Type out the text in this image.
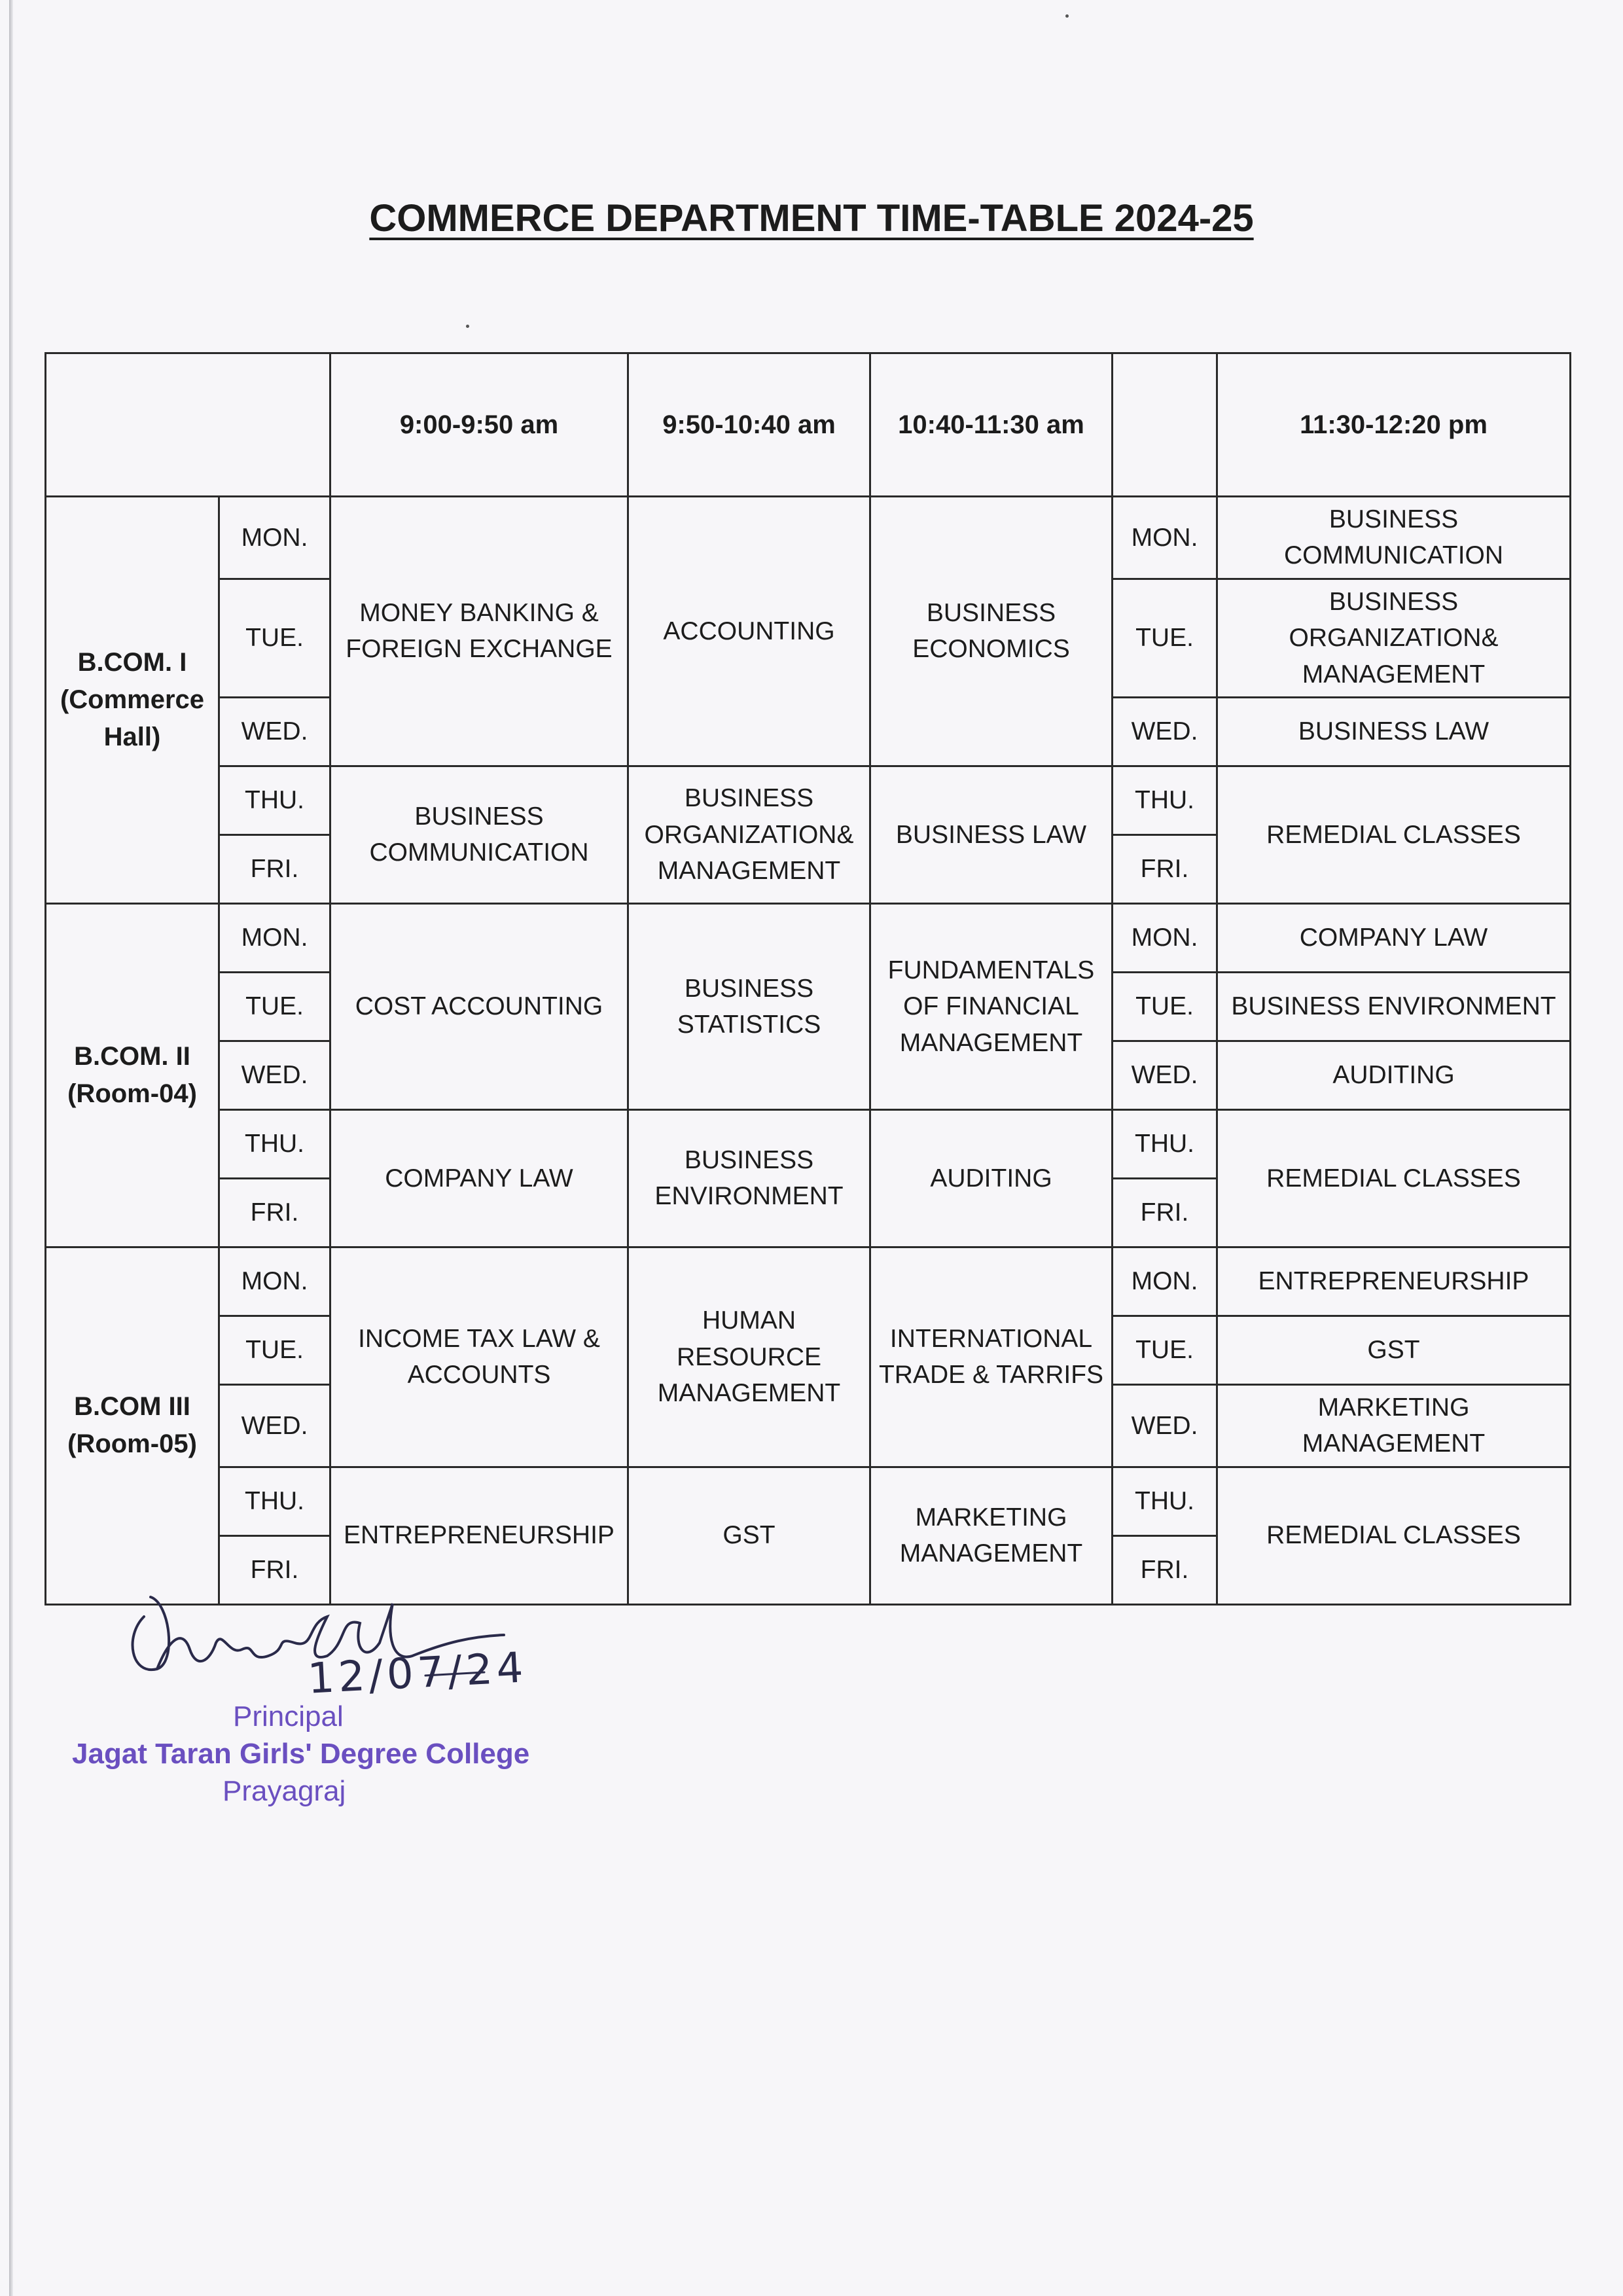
COMMERCE DEPARTMENT TIME-TABLE 2024-25
		9:00-9:50 am	9:50-10:40 am	10:40-11:30 am		11:30-12:20 pm
B.COM. I (Commerce Hall)	MON.	MONEY BANKING & FOREIGN EXCHANGE	ACCOUNTING	BUSINESS ECONOMICS	MON.	BUSINESS COMMUNICATION
	TUE.				TUE.	BUSINESS ORGANIZATION& MANAGEMENT
	WED.				WED.	BUSINESS LAW
	THU.	BUSINESS COMMUNICATION	BUSINESS ORGANIZATION& MANAGEMENT	BUSINESS LAW	THU.	REMEDIAL CLASSES
	FRI.				FRI.	
B.COM. II (Room-04)	MON.	COST ACCOUNTING	BUSINESS STATISTICS	FUNDAMENTALS OF FINANCIAL MANAGEMENT	MON.	COMPANY LAW
	TUE.				TUE.	BUSINESS ENVIRONMENT
	WED.				WED.	AUDITING
	THU.	COMPANY LAW	BUSINESS ENVIRONMENT	AUDITING	THU.	REMEDIAL CLASSES
	FRI.				FRI.	
B.COM III (Room-05)	MON.	INCOME TAX LAW & ACCOUNTS	HUMAN RESOURCE MANAGEMENT	INTERNATIONAL TRADE & TARRIFS	MON.	ENTREPRENEURSHIP
	TUE.				TUE.	GST
	WED.				WED.	MARKETING MANAGEMENT
	THU.	ENTREPRENEURSHIP	GST	MARKETING MANAGEMENT	THU.	REMEDIAL CLASSES
	FRI.				FRI.	
12/07/24
Principal
Jagat Taran Girls' Degree College
Prayagraj
